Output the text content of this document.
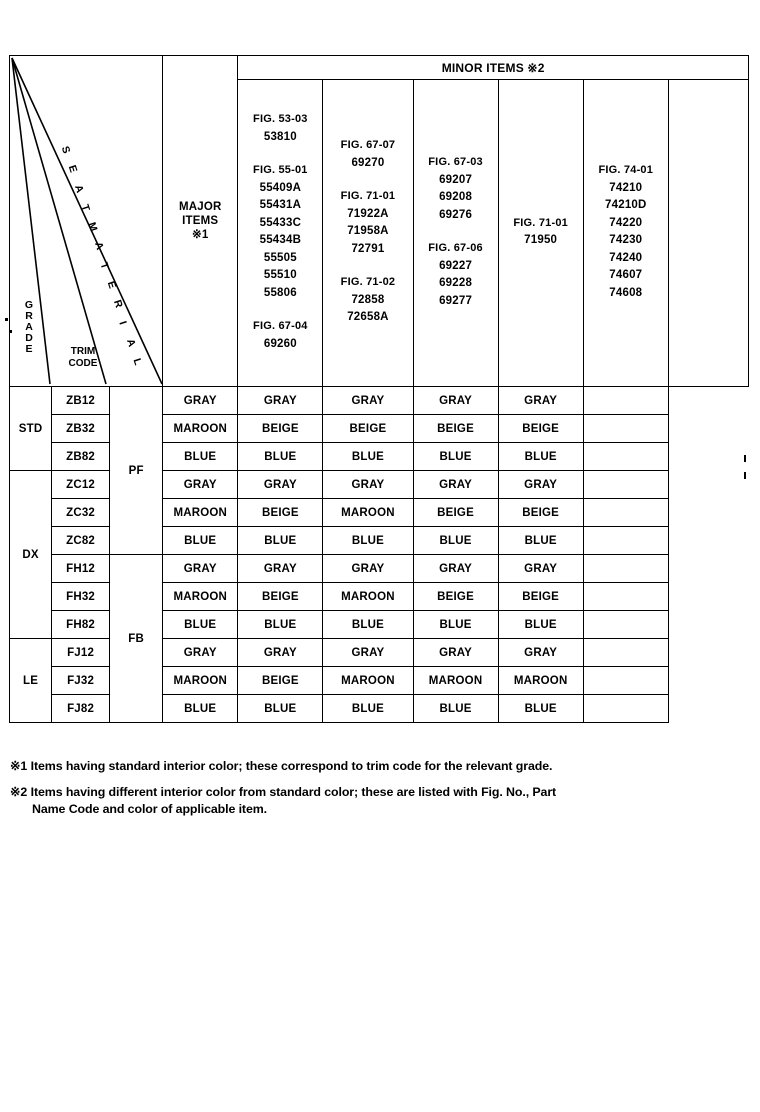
G
R
A
D
E	TRIM
CODE
S
E
A
T
M
A
T
E
R
I
A
L
	MAJOR
ITEMS
※1	MINOR ITEMS ※2

FIG. 53-03
53810
FIG. 55-01
55409A
55431A
55433C
55434B
55505
55510
55806
FIG. 67-04
69260

FIG. 67-07
69270
FIG. 71-01
71922A
71958A
72791
FIG. 71-02
72858
72658A

FIG. 67-03
69207
69208
69276
FIG. 67-06
69227
69228
69277

FIG. 71-01
71950

FIG. 74-01
74210
74210D
74220
74230
74240
74607
74608

STD	ZB12	PF	GRAY	GRAY	GRAY	GRAY	GRAY		
	ZB32		MAROON	BEIGE	BEIGE	BEIGE	BEIGE		
	ZB82		BLUE	BLUE	BLUE	BLUE	BLUE		
DX	ZC12		GRAY	GRAY	GRAY	GRAY	GRAY		
	ZC32		MAROON	BEIGE	MAROON	BEIGE	BEIGE		
	ZC82		BLUE	BLUE	BLUE	BLUE	BLUE		
	FH12	FB	GRAY	GRAY	GRAY	GRAY	GRAY		
	FH32		MAROON	BEIGE	MAROON	BEIGE	BEIGE		
	FH82		BLUE	BLUE	BLUE	BLUE	BLUE		
LE	FJ12		GRAY	GRAY	GRAY	GRAY	GRAY		
	FJ32		MAROON	BEIGE	MAROON	MAROON	MAROON		
	FJ82		BLUE	BLUE	BLUE	BLUE	BLUE		
※1 Items having standard interior color; these correspond to trim code for the relevant grade.
※2 Items having different interior color from standard color; these are listed with Fig. No., Part
Name Code and color of applicable item.
